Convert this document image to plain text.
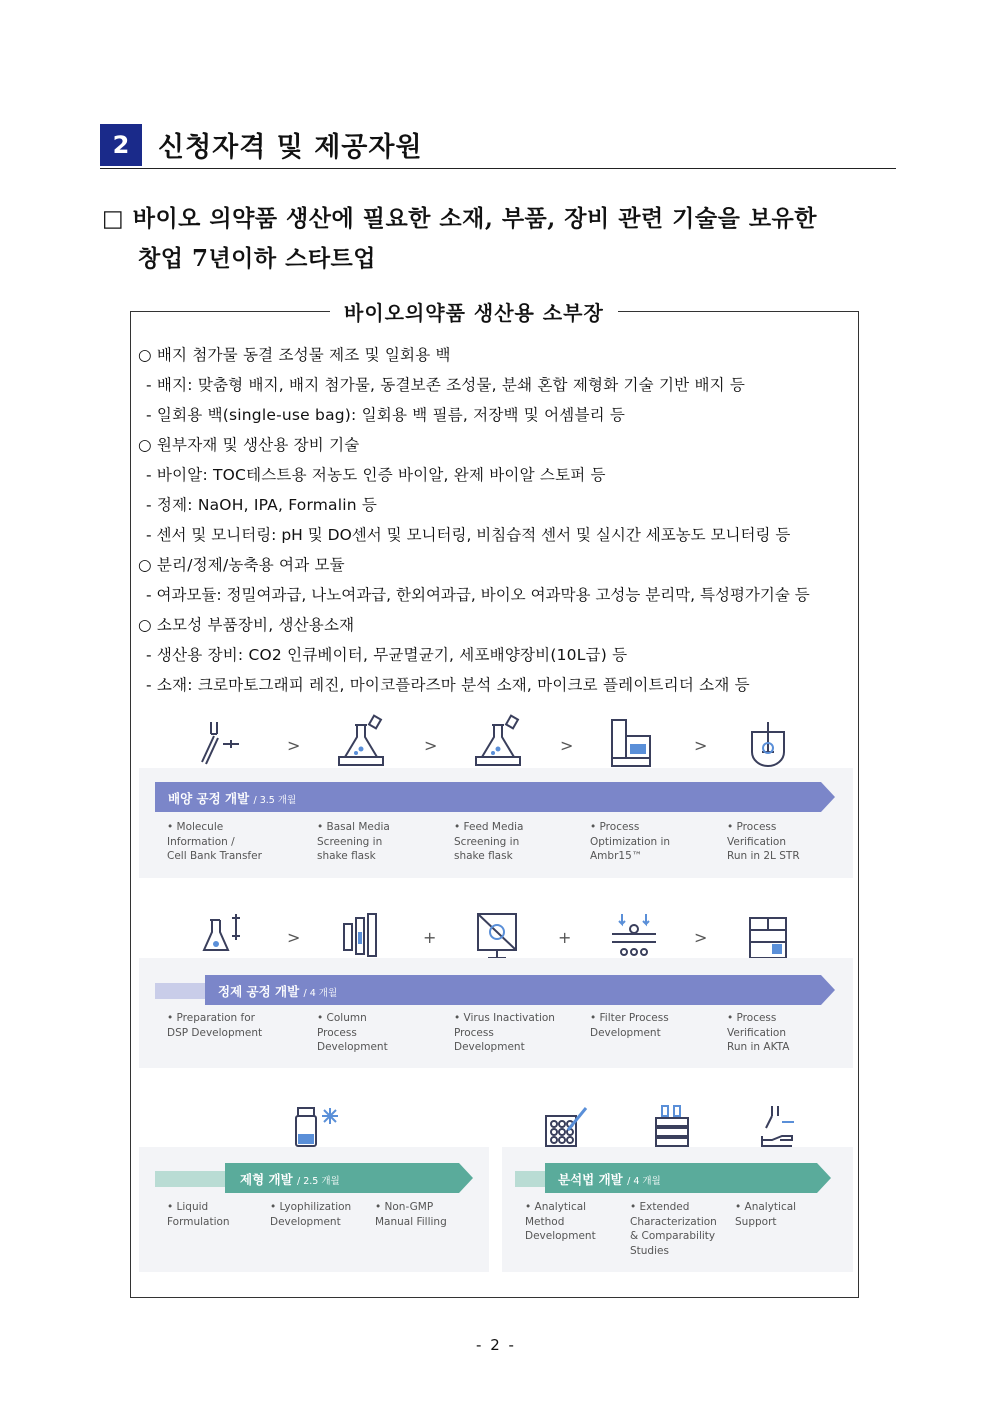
2	신청자격 및 제공자원
□ 바이오 의약품 생산에 필요한 소재, 부품, 장비 관련 기술을 보유한
창업 7년이하 스타트업
바이오의약품 생산용 소부장
○ 배지 첨가물 동결 조성물 제조 및 일회용 백
- 배지: 맞춤형 배지, 배지 첨가물, 동결보존 조성물, 분쇄 혼합 제형화 기술 기반 배지 등
- 일회용 백(single-use bag): 일회용 백 필름, 저장백 및 어셈블리 등
○ 원부자재 및 생산용 장비 기술
- 바이알: TOC테스트용 저농도 인증 바이알, 완제 바이알 스토퍼 등
- 정제: NaOH, IPA, Formalin 등
- 센서 및 모니터링: pH 및 DO센서 및 모니터링, 비침습적 센서 및 실시간 세포농도 모니터링 등
○ 분리/정제/농축용 여과 모듈
- 여과모듈: 정밀여과급, 나노여과급, 한외여과급, 바이오 여과막용 고성능 분리막, 특성평가기술 등
○ 소모성 부품장비, 생산용소재
- 생산용 장비: CO2 인큐베이터, 무균멸균기, 세포배양장비(10L급) 등
- 소재: 크로마토그래피 레진, 마이코플라즈마 분석 소재, 마이크로 플레이트리더 소재 등
>	>	>	>
배양 공정 개발 / 3.5 개월
• Molecule
Information /
Cell Bank Transfer
• Basal Media
Screening in
shake flask
• Feed Media
Screening in
shake flask
• Process
Optimization in
Ambr15™
• Process
Verification
Run in 2L STR
>	+	+	>
정제 공정 개발 / 4 개월
• Preparation for
DSP Development
• Column
Process
Development
• Virus Inactivation
Process
Development
• Filter Process
Development
• Process
Verification
Run in AKTA
제형 개발 / 2.5 개월
• Liquid
Formulation
• Lyophilization
Development
• Non-GMP
Manual Filling
분석법 개발 / 4 개월
• Analytical
Method
Development
• Extended
Characterization
& Comparability
Studies
• Analytical
Support
- 2 -
